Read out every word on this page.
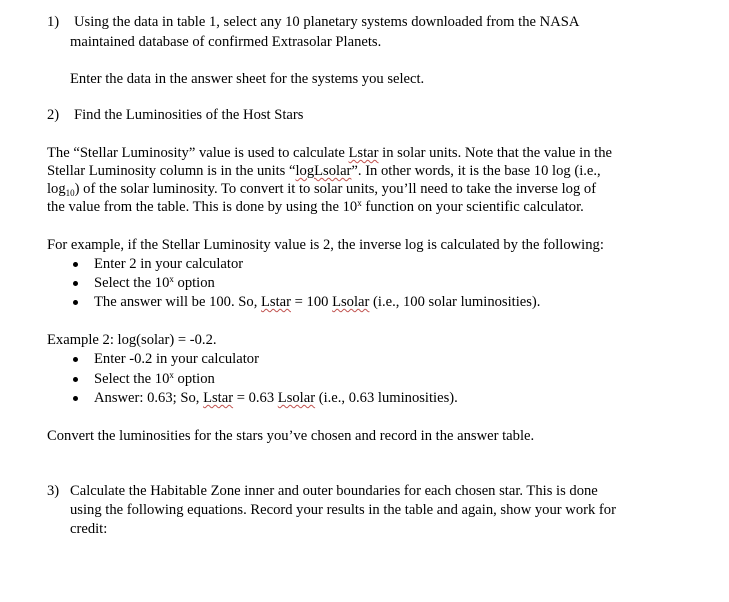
1) Using the data in table 1, select any 10 planetary systems downloaded from the NASA
maintained database of confirmed Extrasolar Planets.
Enter the data in the answer sheet for the systems you select.
2) Find the Luminosities of the Host Stars
The “Stellar Luminosity” value is used to calculate Lstar in solar units. Note that the value in the
Stellar Luminosity column is in the units “logLsolar”. In other words, it is the base 10 log (i.e.,
$\log_{10}$) of the solar luminosity. To convert it to solar units, you’ll need to take the inverse log of
the value from the table. This is done by using the 10$^x$ function on your scientific calculator.
For example, if the Stellar Luminosity value is 2, the inverse log is calculated by the following:
Enter 2 in your calculator
Select the 10$^x$ option
The answer will be 100. So, Lstar = 100 Lsolar (i.e., 100 solar luminosities).
Example 2: log(solar) = -0.2.
Enter -0.2 in your calculator
Select the 10$^x$ option
Answer: 0.63; So, Lstar = 0.63 Lsolar (i.e., 0.63 luminosities).
Convert the luminosities for the stars you’ve chosen and record in the answer table.
3) Calculate the Habitable Zone inner and outer boundaries for each chosen star. This is done
using the following equations. Record your results in the table and again, show your work for
credit:
